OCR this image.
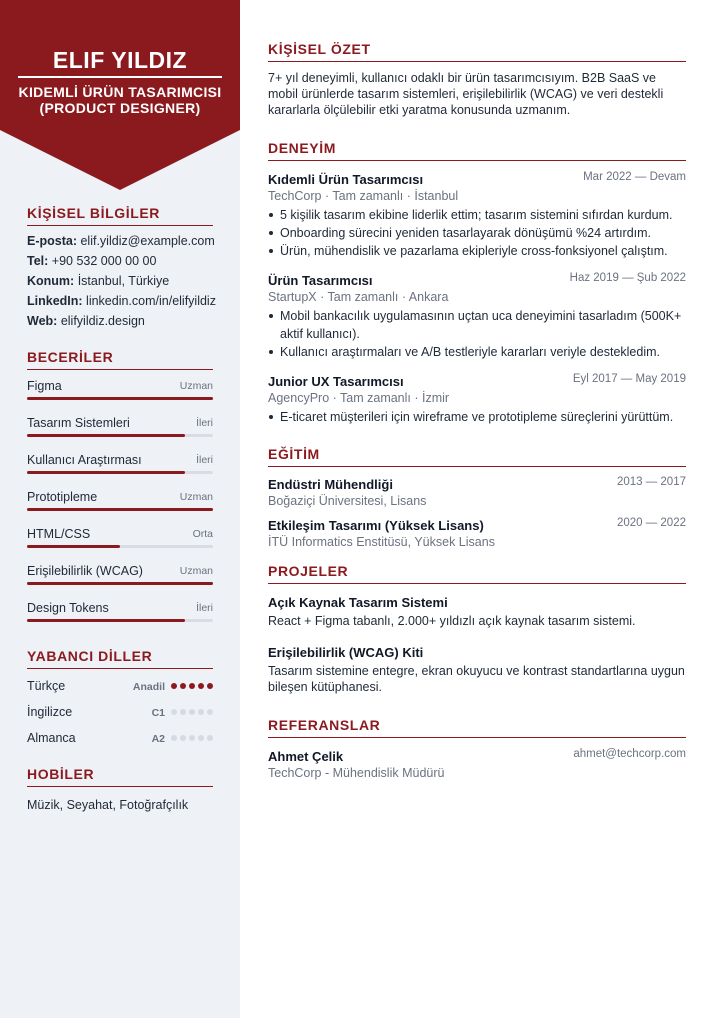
ELIF YILDIZ
KIDEMLİ ÜRÜN TASARIMCISI
(PRODUCT DESIGNER)
KİŞİSEL BİLGİLER
E-posta: elif.yildiz@example.com
Tel: +90 532 000 00 00
Konum: İstanbul, Türkiye
LinkedIn: linkedin.com/in/elifyildiz
Web: elifyildiz.design
BECERİLER
Figma	Uzman
Tasarım Sistemleri	İleri
Kullanıcı Araştırması	İleri
Prototipleme	Uzman
HTML/CSS	Orta
Erişilebilirlik (WCAG)	Uzman
Design Tokens	İleri
YABANCI DİLLER
Türkçe	Anadil
İngilizce	C1
Almanca	A2
HOBİLER
Müzik, Seyahat, Fotoğrafçılık
KİŞİSEL ÖZET
7+ yıl deneyimli, kullanıcı odaklı bir ürün tasarımcısıyım. B2B SaaS ve mobil ürünlerde tasarım sistemleri, erişilebilirlik (WCAG) ve veri destekli kararlarla ölçülebilir etki yaratma konusunda uzmanım.
DENEYİM
Kıdemli Ürün Tasarımcısı	Mar 2022 — Devam
TechCorp · Tam zamanlı · İstanbul
5 kişilik tasarım ekibine liderlik ettim; tasarım sistemini sıfırdan kurdum.
Onboarding sürecini yeniden tasarlayarak dönüşümü %24 artırdım.
Ürün, mühendislik ve pazarlama ekipleriyle cross-fonksiyonel çalıştım.
Ürün Tasarımcısı	Haz 2019 — Şub 2022
StartupX · Tam zamanlı · Ankara
Mobil bankacılık uygulamasının uçtan uca deneyimini tasarladım (500K+ aktif kullanıcı).
Kullanıcı araştırmaları ve A/B testleriyle kararları veriyle destekledim.
Junior UX Tasarımcısı	Eyl 2017 — May 2019
AgencyPro · Tam zamanlı · İzmir
E-ticaret müşterileri için wireframe ve prototipleme süreçlerini yürüttüm.
EĞİTİM
Endüstri Mühendliği	2013 — 2017
Boğaziçi Üniversitesi, Lisans
Etkileşim Tasarımı (Yüksek Lisans)	2020 — 2022
İTÜ Informatics Enstitüsü, Yüksek Lisans
PROJELER
Açık Kaynak Tasarım Sistemi
React + Figma tabanlı, 2.000+ yıldızlı açık kaynak tasarım sistemi.
Erişilebilirlik (WCAG) Kiti
Tasarım sistemine entegre, ekran okuyucu ve kontrast standartlarına uygun bileşen kütüphanesi.
REFERANSLAR
Ahmet Çelik	ahmet@techcorp.com
TechCorp - Mühendislik Müdürü
